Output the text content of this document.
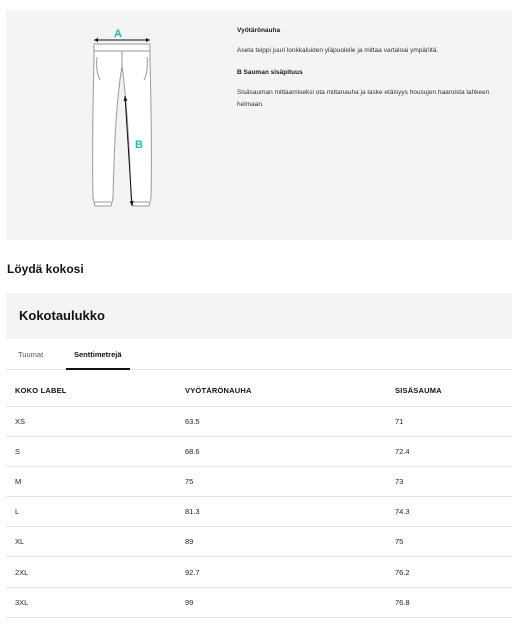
A
B
Vyötärönauha
Aseta teippi juuri lonkkaluiden yläpuolelle ja mittaa vartaloai ympäriltä.
B Sauman sisäpituus
Sisäsauman mittaamiseksi ota mittanauha ja laske etäisyys housujen haaroista lahkeen helmaan.
Löydä kokosi
Kokotaulukko
Tuumat	Senttimetrejä
KOKO LABEL	VYÖTÄRÖNAUHA	SISÄSAUMA
XS	63.5	71
S	68.6	72.4
M	75	73
L	81.3	74.3
XL	89	75
2XL	92.7	76.2
3XL	99	76.8
